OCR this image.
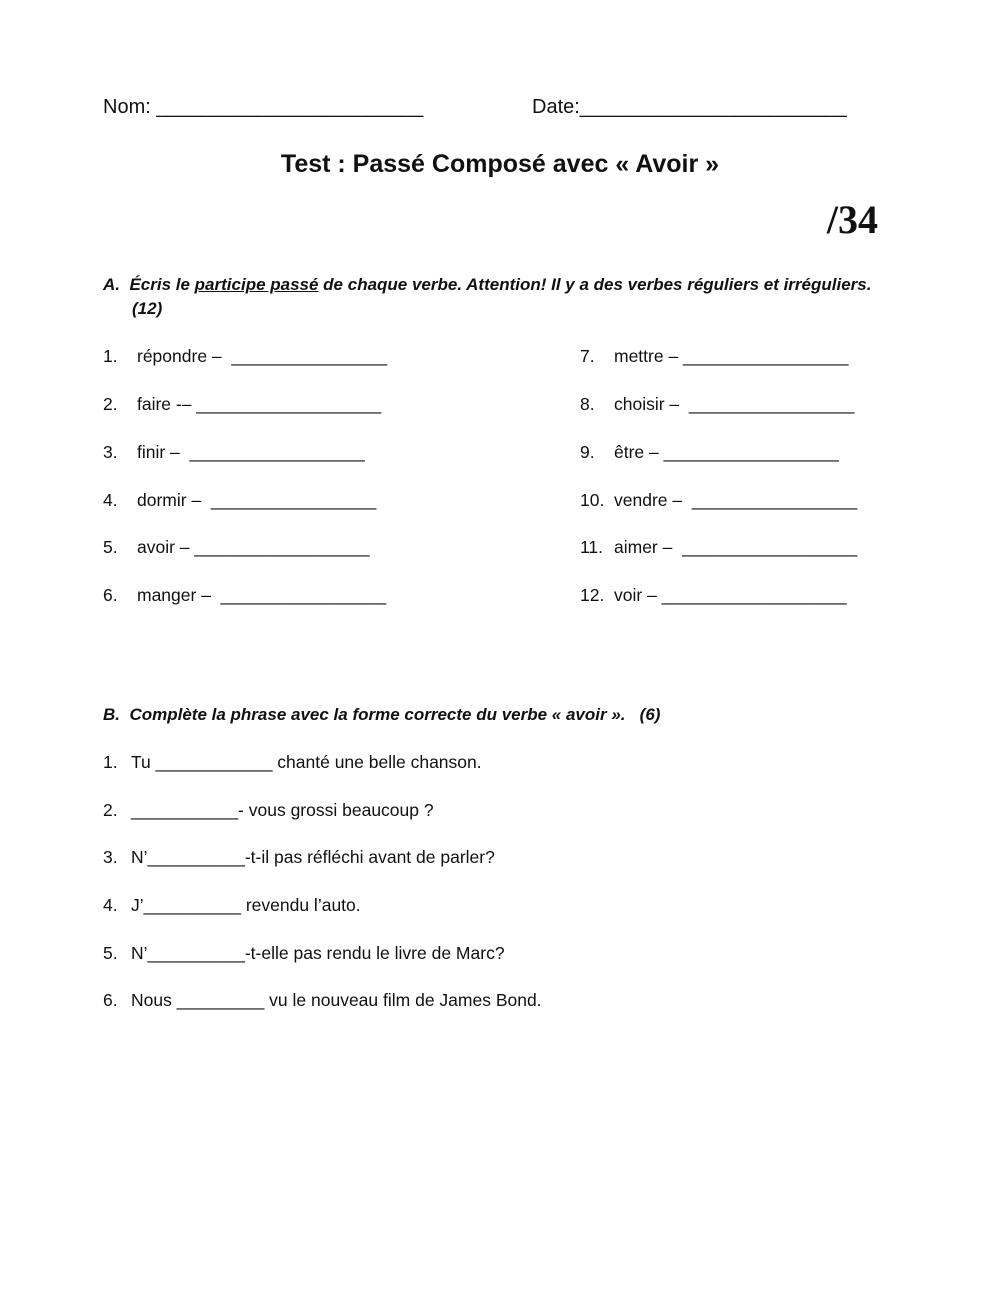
Nom: ________________________	Date:________________________
Test : Passé Composé avec « Avoir »
/34
A. Écris le participe passé de chaque verbe. Attention! Il y a des verbes réguliers et irréguliers.
(12)
1. répondre –  ________________
2. faire -– ___________________
3. finir –  __________________
4. dormir –  _________________
5. avoir – __________________
6. manger –  _________________
7. mettre – _________________
8. choisir –  _________________
9. être – __________________
10. vendre –  _________________
11. aimer –  __________________
12. voir – ___________________
B.  Complète la phrase avec la forme correcte du verbe « avoir ».   (6)
1. Tu ____________ chanté une belle chanson.
2. ___________- vous grossi beaucoup ?
3. N’__________-t-il pas réfléchi avant de parler?
4. J’__________ revendu l’auto.
5. N’__________-t-elle pas rendu le livre de Marc?
6. Nous _________ vu le nouveau film de James Bond.
